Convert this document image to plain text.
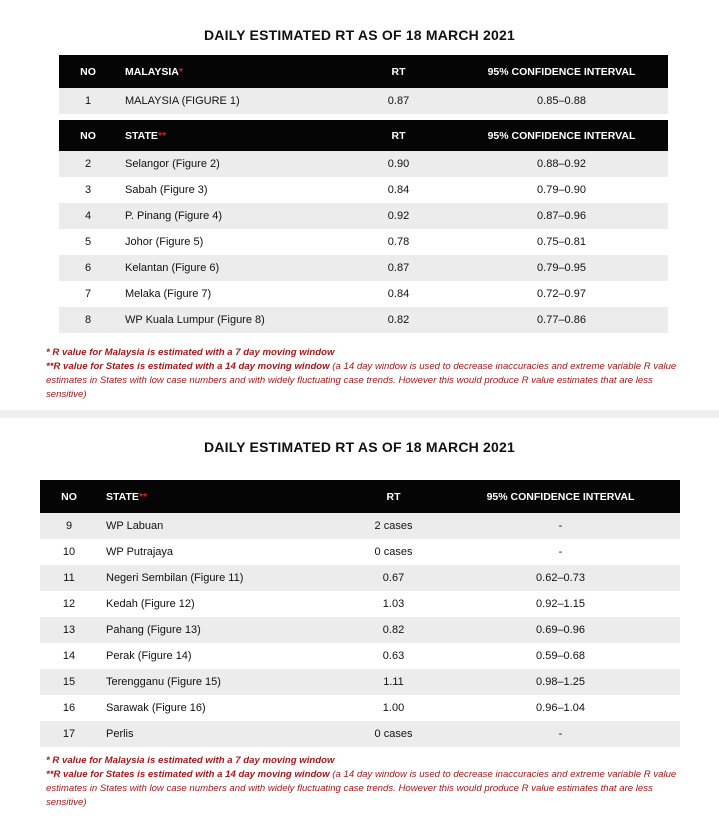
DAILY ESTIMATED RT AS OF 18 MARCH 2021
NO	MALAYSIA*	RT	95% CONFIDENCE INTERVAL
1	MALAYSIA (FIGURE 1)	0.87	0.85–0.88

NO	STATE**	RT	95% CONFIDENCE INTERVAL
2	Selangor (Figure 2)	0.90	0.88–0.92
3	Sabah (Figure 3)	0.84	0.79–0.90
4	P. Pinang (Figure 4)	0.92	0.87–0.96
5	Johor (Figure 5)	0.78	0.75–0.81
6	Kelantan (Figure 6)	0.87	0.79–0.95
7	Melaka (Figure 7)	0.84	0.72–0.97
8	WP Kuala Lumpur (Figure 8)	0.82	0.77–0.86
* R value for Malaysia is estimated with a 7 day moving window
**R value for States is estimated with a 14 day moving window (a 14 day window is used to decrease inaccuracies and extreme variable R value estimates in States with low case numbers and with widely fluctuating case trends. However this would produce R value estimates that are less sensitive)
DAILY ESTIMATED RT AS OF 18 MARCH 2021
NO	STATE**	RT	95% CONFIDENCE INTERVAL
9	WP Labuan	2 cases	-
10	WP Putrajaya	0 cases	-
11	Negeri Sembilan (Figure 11)	0.67	0.62–0.73
12	Kedah (Figure 12)	1.03	0.92–1.15
13	Pahang (Figure 13)	0.82	0.69–0.96
14	Perak (Figure 14)	0.63	0.59–0.68
15	Terengganu (Figure 15)	1.11	0.98–1.25
16	Sarawak (Figure 16)	1.00	0.96–1.04
17	Perlis	0 cases	-
* R value for Malaysia is estimated with a 7 day moving window
**R value for States is estimated with a 14 day moving window (a 14 day window is used to decrease inaccuracies and extreme variable R value estimates in States with low case numbers and with widely fluctuating case trends. However this would produce R value estimates that are less sensitive)
